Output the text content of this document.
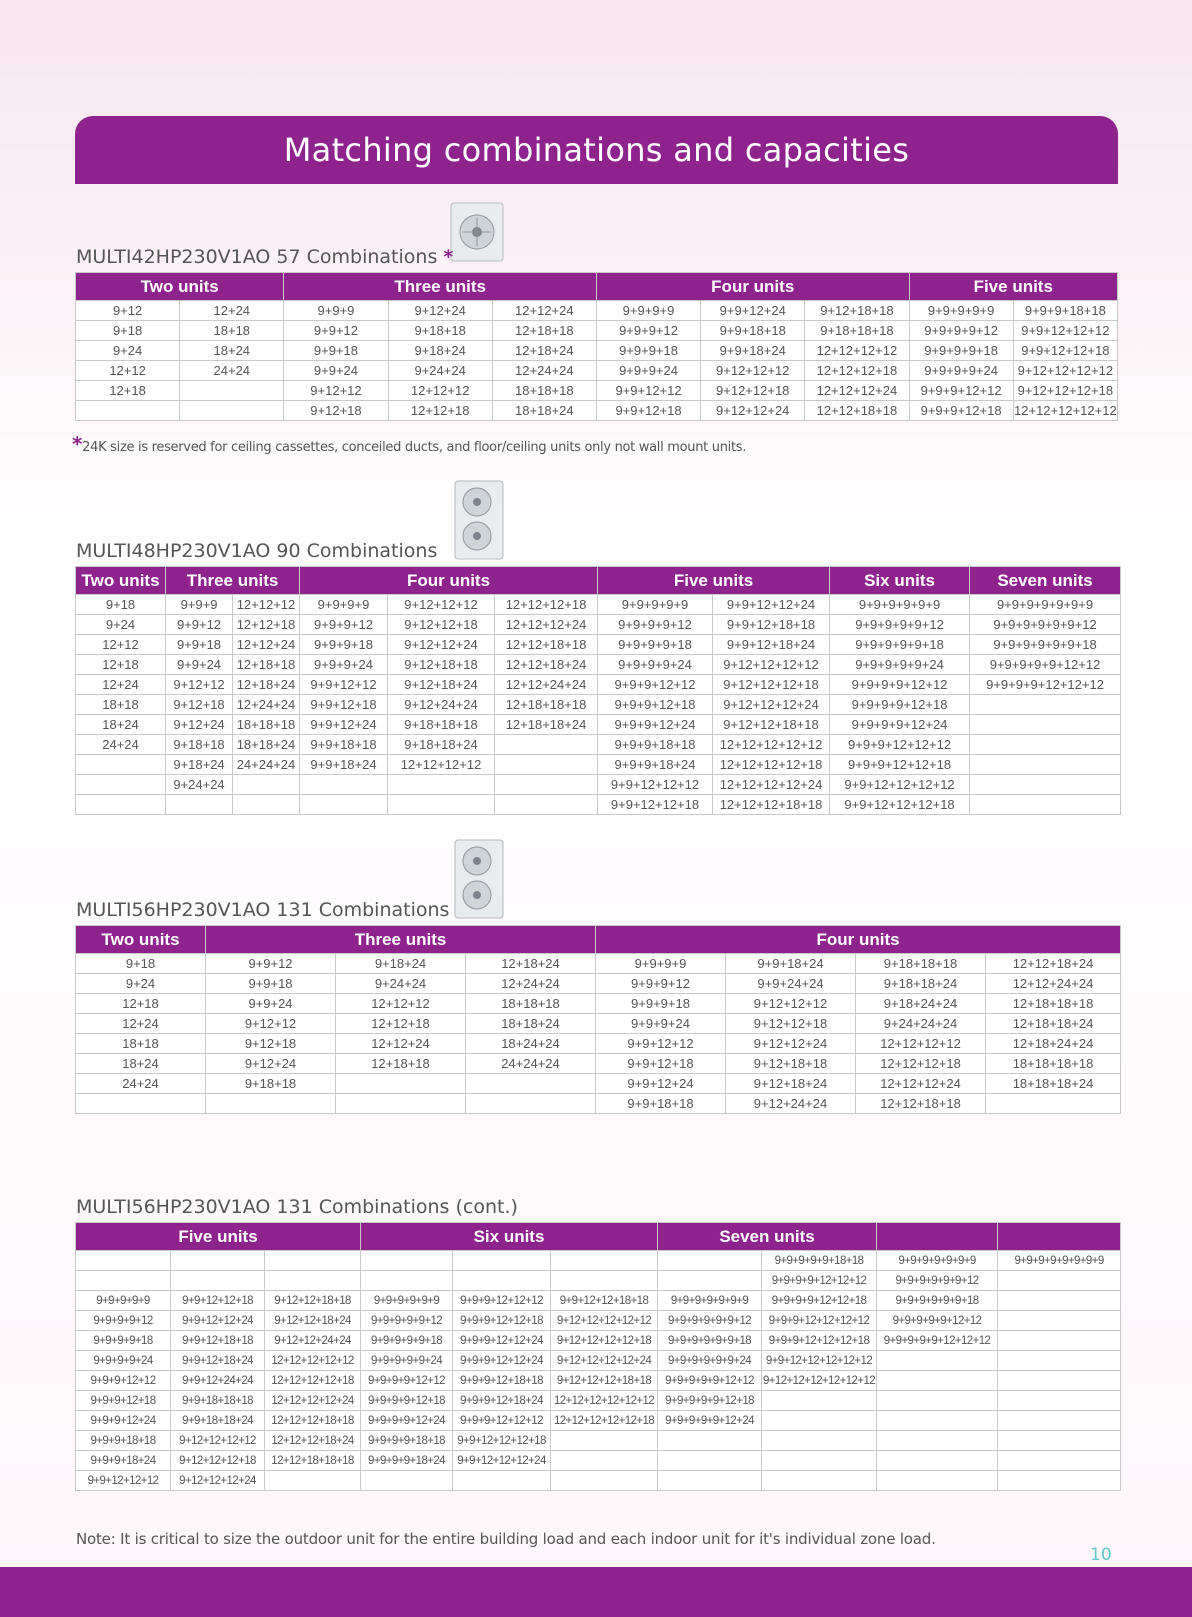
Matching combinations and capacities
MULTI42HP230V1AO 57 Combinations *
Two units		Three units			Four units			Five units	
9+12	12+24	9+9+9	9+12+24	12+12+24	9+9+9+9	9+9+12+24	9+12+18+18	9+9+9+9+9	9+9+9+18+18
9+18	18+18	9+9+12	9+18+18	12+18+18	9+9+9+12	9+9+18+18	9+18+18+18	9+9+9+9+12	9+9+12+12+12
9+24	18+24	9+9+18	9+18+24	12+18+24	9+9+9+18	9+9+18+24	12+12+12+12	9+9+9+9+18	9+9+12+12+18
12+12	24+24	9+9+24	9+24+24	12+24+24	9+9+9+24	9+12+12+12	12+12+12+18	9+9+9+9+24	9+12+12+12+12
12+18		9+12+12	12+12+12	18+18+18	9+9+12+12	9+12+12+18	12+12+12+24	9+9+9+12+12	9+12+12+12+18
		9+12+18	12+12+18	18+18+24	9+9+12+18	9+12+12+24	12+12+18+18	9+9+9+12+18	12+12+12+12+12
*24K size is reserved for ceiling cassettes, conceiled ducts, and floor/ceiling units only not wall mount units.
MULTI48HP230V1AO 90 Combinations
Two units	Three units		Four units			Five units		Six units	Seven units
9+18	9+9+9	12+12+12	9+9+9+9	9+12+12+12	12+12+12+18	9+9+9+9+9	9+9+12+12+24	9+9+9+9+9+9	9+9+9+9+9+9+9
9+24	9+9+12	12+12+18	9+9+9+12	9+12+12+18	12+12+12+24	9+9+9+9+12	9+9+12+18+18	9+9+9+9+9+12	9+9+9+9+9+9+12
12+12	9+9+18	12+12+24	9+9+9+18	9+12+12+24	12+12+18+18	9+9+9+9+18	9+9+12+18+24	9+9+9+9+9+18	9+9+9+9+9+9+18
12+18	9+9+24	12+18+18	9+9+9+24	9+12+18+18	12+12+18+24	9+9+9+9+24	9+12+12+12+12	9+9+9+9+9+24	9+9+9+9+9+12+12
12+24	9+12+12	12+18+24	9+9+12+12	9+12+18+24	12+12+24+24	9+9+9+12+12	9+12+12+12+18	9+9+9+9+12+12	9+9+9+9+12+12+12
18+18	9+12+18	12+24+24	9+9+12+18	9+12+24+24	12+18+18+18	9+9+9+12+18	9+12+12+12+24	9+9+9+9+12+18	
18+24	9+12+24	18+18+18	9+9+12+24	9+18+18+18	12+18+18+24	9+9+9+12+24	9+12+12+18+18	9+9+9+9+12+24	
24+24	9+18+18	18+18+24	9+9+18+18	9+18+18+24		9+9+9+18+18	12+12+12+12+12	9+9+9+12+12+12	
	9+18+24	24+24+24	9+9+18+24	12+12+12+12		9+9+9+18+24	12+12+12+12+18	9+9+9+12+12+18	
	9+24+24					9+9+12+12+12	12+12+12+12+24	9+9+12+12+12+12	
						9+9+12+12+18	12+12+12+18+18	9+9+12+12+12+18	
MULTI56HP230V1AO 131 Combinations
Two units	Three units			Four units			
9+18	9+9+12	9+18+24	12+18+24	9+9+9+9	9+9+18+24	9+18+18+18	12+12+18+24
9+24	9+9+18	9+24+24	12+24+24	9+9+9+12	9+9+24+24	9+18+18+24	12+12+24+24
12+18	9+9+24	12+12+12	18+18+18	9+9+9+18	9+12+12+12	9+18+24+24	12+18+18+18
12+24	9+12+12	12+12+18	18+18+24	9+9+9+24	9+12+12+18	9+24+24+24	12+18+18+24
18+18	9+12+18	12+12+24	18+24+24	9+9+12+12	9+12+12+24	12+12+12+12	12+18+24+24
18+24	9+12+24	12+18+18	24+24+24	9+9+12+18	9+12+18+18	12+12+12+18	18+18+18+18
24+24	9+18+18			9+9+12+24	9+12+18+24	12+12+12+24	18+18+18+24
				9+9+18+18	9+12+24+24	12+12+18+18	
MULTI56HP230V1AO 131 Combinations (cont.)
Five units			Six units			Seven units			
							9+9+9+9+9+18+18	9+9+9+9+9+9+9	9+9+9+9+9+9+9+9
							9+9+9+9+12+12+12	9+9+9+9+9+9+12	
9+9+9+9+9	9+9+12+12+18	9+12+12+18+18	9+9+9+9+9+9	9+9+9+12+12+12	9+9+12+12+18+18	9+9+9+9+9+9+9	9+9+9+9+12+12+18	9+9+9+9+9+9+18	
9+9+9+9+12	9+9+12+12+24	9+12+12+18+24	9+9+9+9+9+12	9+9+9+12+12+18	9+12+12+12+12+12	9+9+9+9+9+9+12	9+9+9+12+12+12+12	9+9+9+9+9+12+12	
9+9+9+9+18	9+9+12+18+18	9+12+12+24+24	9+9+9+9+9+18	9+9+9+12+12+24	9+12+12+12+12+18	9+9+9+9+9+9+18	9+9+9+12+12+12+18	9+9+9+9+9+12+12+12	
9+9+9+9+24	9+9+12+18+24	12+12+12+12+12	9+9+9+9+9+24	9+9+9+12+12+24	9+12+12+12+12+24	9+9+9+9+9+9+24	9+9+12+12+12+12+12		
9+9+9+12+12	9+9+12+24+24	12+12+12+12+18	9+9+9+9+12+12	9+9+9+12+18+18	9+12+12+12+18+18	9+9+9+9+9+12+12	9+12+12+12+12+12+12		
9+9+9+12+18	9+9+18+18+18	12+12+12+12+24	9+9+9+9+12+18	9+9+9+12+18+24	12+12+12+12+12+12	9+9+9+9+9+12+18			
9+9+9+12+24	9+9+18+18+24	12+12+12+18+18	9+9+9+9+12+24	9+9+9+12+12+12	12+12+12+12+12+18	9+9+9+9+9+12+24			
9+9+9+18+18	9+12+12+12+12	12+12+12+18+24	9+9+9+9+18+18	9+9+12+12+12+18					
9+9+9+18+24	9+12+12+12+18	12+12+18+18+18	9+9+9+9+18+24	9+9+12+12+12+24					
9+9+12+12+12	9+12+12+12+24								
Note: It is critical to size the outdoor unit for the entire building load and each indoor unit for it's individual zone load.
10
